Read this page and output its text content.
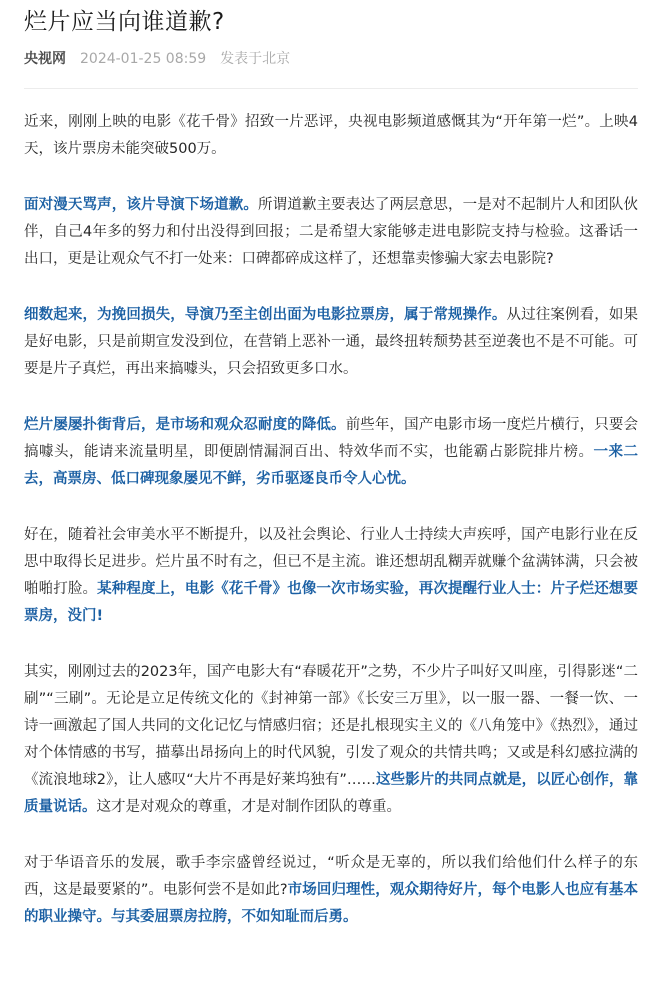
烂片应当向谁道歉?
央视网 2024-01-25 08:59 发表于北京

近来，刚刚上映的电影《花千骨》招致一片恶评，央视电影频道感慨其为“开年第一烂”。上映4天，该片票房未能突破500万。

面对漫天骂声，该片导演下场道歉。所谓道歉主要表达了两层意思，一是对不起制片人和团队伙伴，自己4年多的努力和付出没得到回报；二是希望大家能够走进电影院支持与检验。这番话一出口，更是让观众气不打一处来：口碑都碎成这样了，还想靠卖惨骗大家去电影院?

细数起来，为挽回损失，导演乃至主创出面为电影拉票房，属于常规操作。从过往案例看，如果是好电影，只是前期宣发没到位，在营销上恶补一通，最终扭转颓势甚至逆袭也不是不可能。可要是片子真烂，再出来搞噱头，只会招致更多口水。

烂片屡屡扑街背后，是市场和观众忍耐度的降低。前些年，国产电影市场一度烂片横行，只要会搞噱头，能请来流量明星，即便剧情漏洞百出、特效华而不实，也能霸占影院排片榜。一来二去，高票房、低口碑现象屡见不鲜，劣币驱逐良币令人心忧。

好在，随着社会审美水平不断提升，以及社会舆论、行业人士持续大声疾呼，国产电影行业在反思中取得长足进步。烂片虽不时有之，但已不是主流。谁还想胡乱糊弄就赚个盆满钵满，只会被啪啪打脸。某种程度上，电影《花千骨》也像一次市场实验，再次提醒行业人士：片子烂还想要票房，没门!

其实，刚刚过去的2023年，国产电影大有“春暖花开”之势，不少片子叫好又叫座，引得影迷“二刷”“三刷”。无论是立足传统文化的《封神第一部》《长安三万里》，以一服一器、一餐一饮、一诗一画激起了国人共同的文化记忆与情感归宿；还是扎根现实主义的《八角笼中》《热烈》，通过对个体情感的书写，描摹出昂扬向上的时代风貌，引发了观众的共情共鸣；又或是科幻感拉满的《流浪地球2》，让人感叹“大片不再是好莱坞独有”……这些影片的共同点就是，以匠心创作，靠质量说话。这才是对观众的尊重，才是对制作团队的尊重。

对于华语音乐的发展，歌手李宗盛曾经说过，“听众是无辜的，所以我们给他们什么样子的东西，这是最要紧的”。电影何尝不是如此?市场回归理性，观众期待好片，每个电影人也应有基本的职业操守。与其委屈票房拉胯，不如知耻而后勇。
